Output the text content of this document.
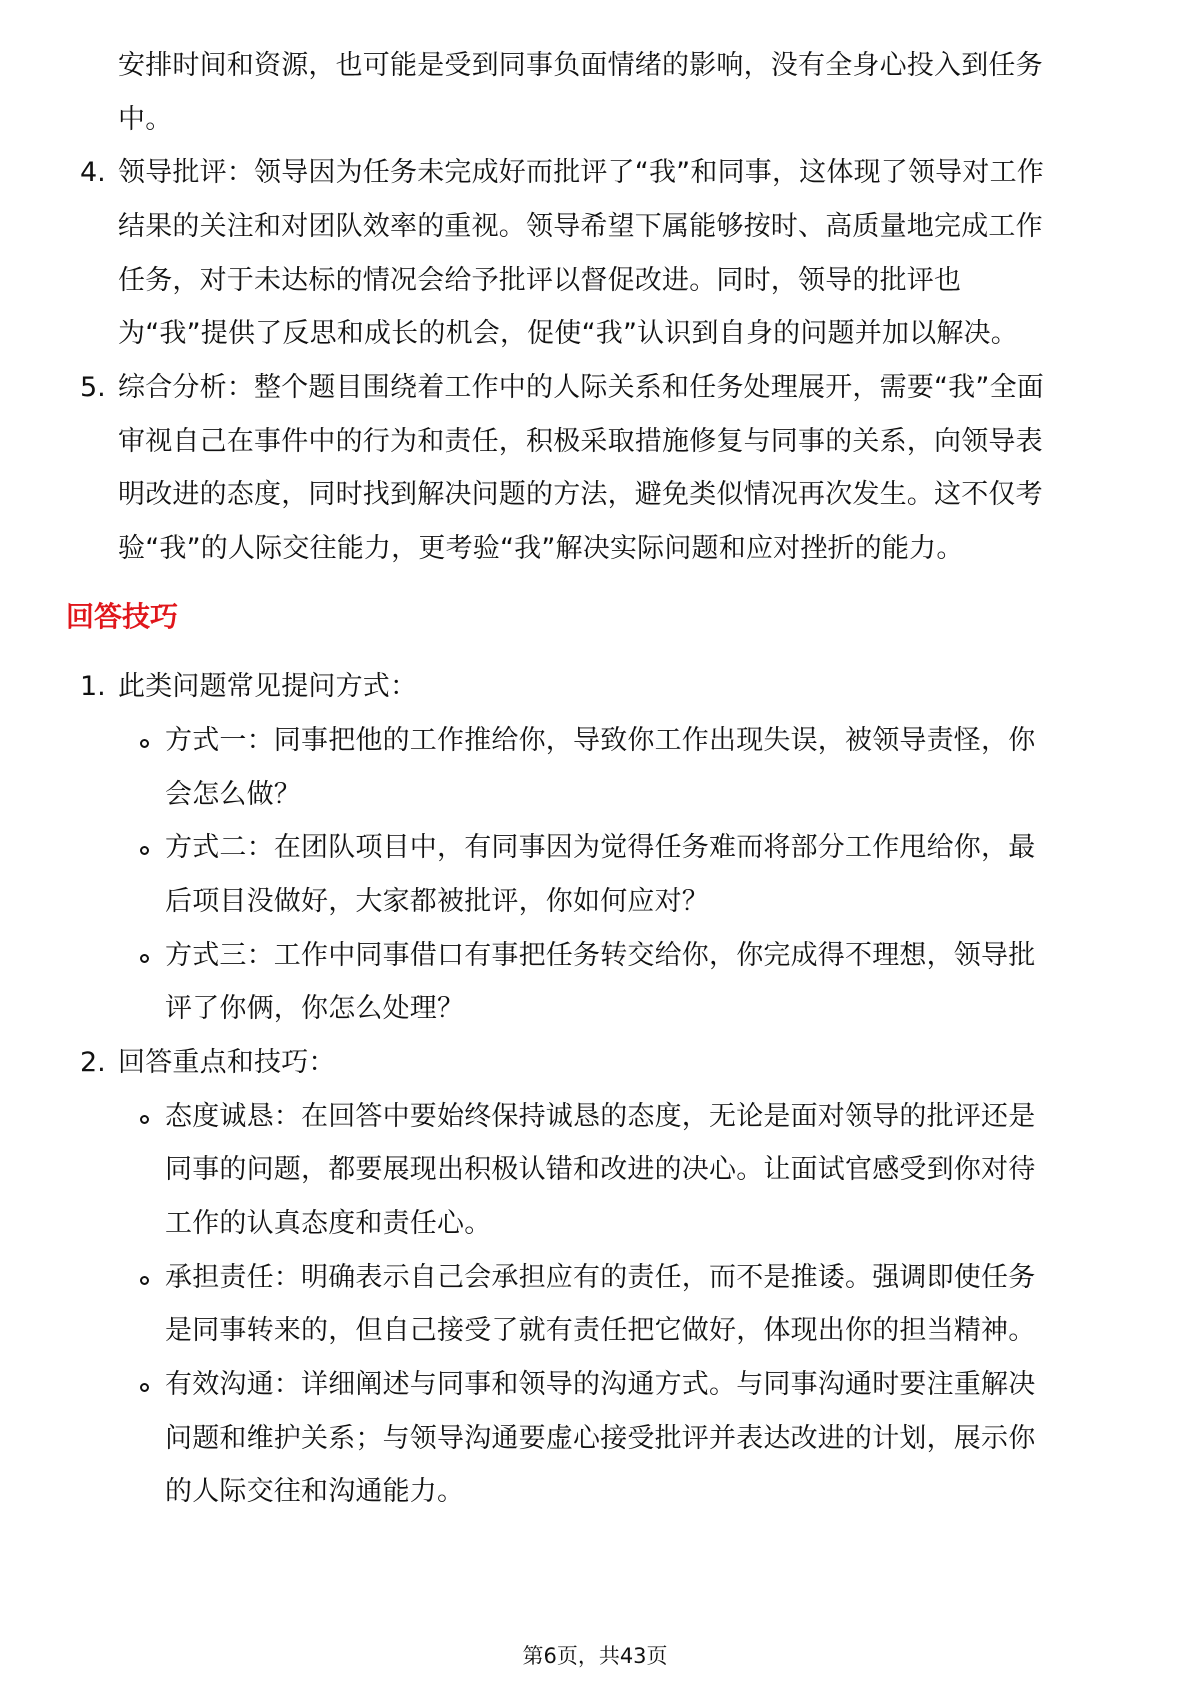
安排时间和资源，也可能是受到同事负面情绪的影响，没有全身心投入到任务
中。
4. 领导批评：领导因为任务未完成好而批评了“我”和同事，这体现了领导对工作
结果的关注和对团队效率的重视。领导希望下属能够按时、高质量地完成工作
任务，对于未达标的情况会给予批评以督促改进。同时，领导的批评也
为“我”提供了反思和成长的机会，促使“我”认识到自身的问题并加以解决。
5. 综合分析：整个题目围绕着工作中的人际关系和任务处理展开，需要“我”全面
审视自己在事件中的行为和责任，积极采取措施修复与同事的关系，向领导表
明改进的态度，同时找到解决问题的方法，避免类似情况再次发生。这不仅考
验“我”的人际交往能力，更考验“我”解决实际问题和应对挫折的能力。
回答技巧
1. 此类问题常见提问方式：
方式一：同事把他的工作推给你，导致你工作出现失误，被领导责怪，你
会怎么做？
方式二：在团队项目中，有同事因为觉得任务难而将部分工作甩给你，最
后项目没做好，大家都被批评，你如何应对？
方式三：工作中同事借口有事把任务转交给你，你完成得不理想，领导批
评了你俩，你怎么处理？
2. 回答重点和技巧：
态度诚恳：在回答中要始终保持诚恳的态度，无论是面对领导的批评还是
同事的问题，都要展现出积极认错和改进的决心。让面试官感受到你对待
工作的认真态度和责任心。
承担责任：明确表示自己会承担应有的责任，而不是推诿。强调即使任务
是同事转来的，但自己接受了就有责任把它做好，体现出你的担当精神。
有效沟通：详细阐述与同事和领导的沟通方式。与同事沟通时要注重解决
问题和维护关系；与领导沟通要虚心接受批评并表达改进的计划，展示你
的人际交往和沟通能力。
第6页，共43页
